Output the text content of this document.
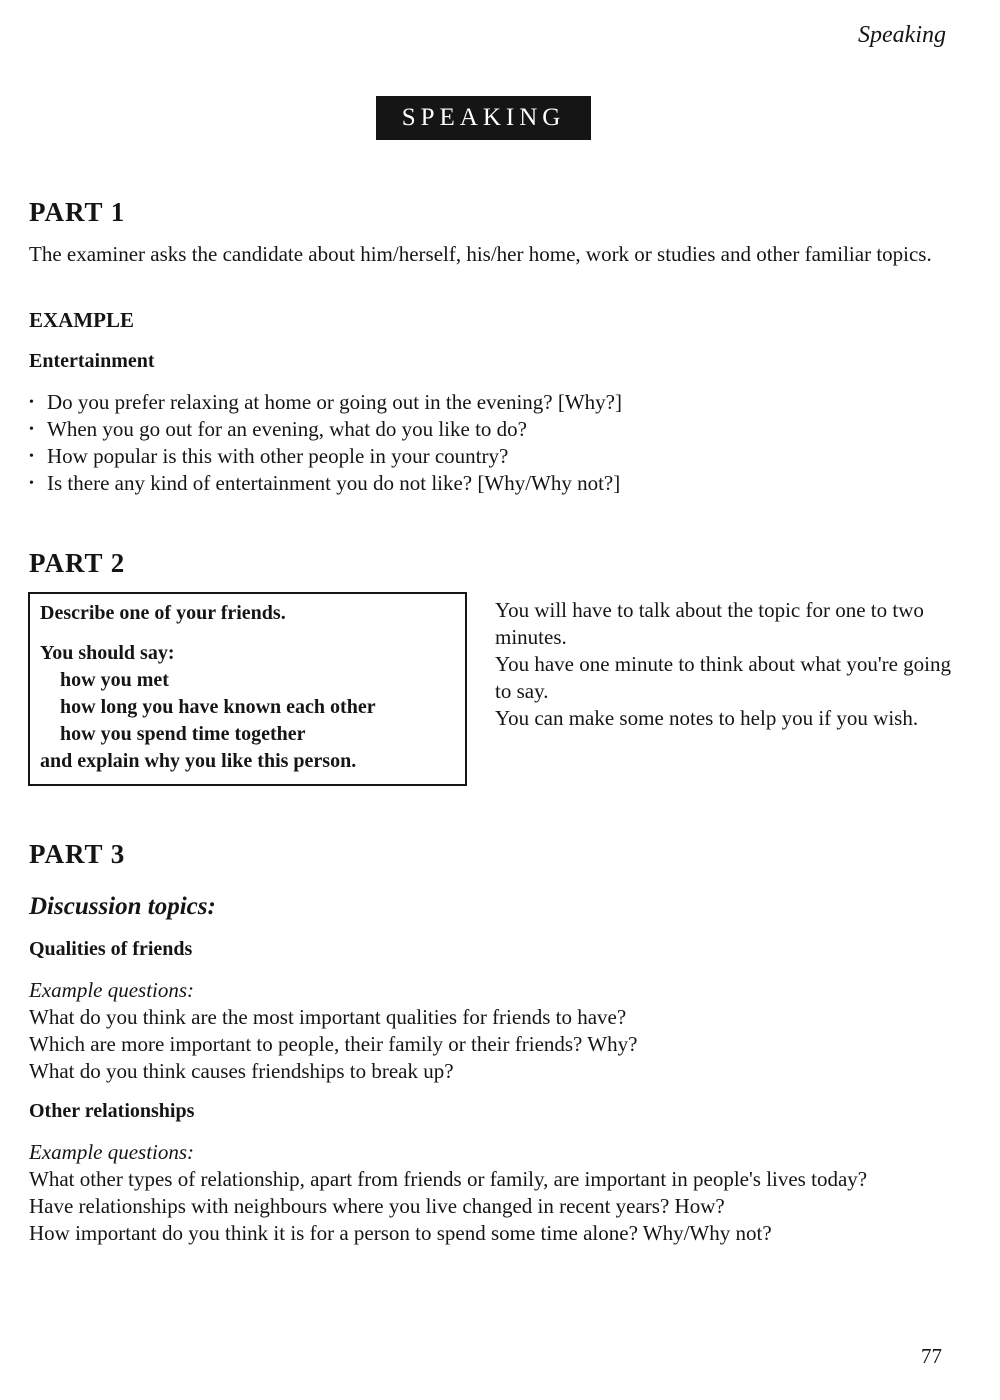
Speaking
SPEAKING
PART 1
The examiner asks the candidate about him/herself, his/her home, work or studies and other familiar topics.
EXAMPLE
Entertainment
• Do you prefer relaxing at home or going out in the evening? [Why?]
• When you go out for an evening, what do you like to do?
• How popular is this with other people in your country?
• Is there any kind of entertainment you do not like? [Why/Why not?]
PART 2
Describe one of your friends.
You should say:
how you met
how long you have known each other
how you spend time together
and explain why you like this person.

You will have to talk about the topic for one to two minutes.

You have one minute to think about what you're going to say.

You can make some notes to help you if you wish.

PART 3
Discussion topics:
Qualities of friends
Example questions:

What do you think are the most important qualities for friends to have?

Which are more important to people, their family or their friends? Why?

What do you think causes friendships to break up?

Other relationships
Example questions:

What other types of relationship, apart from friends or family, are important in people's lives today?

Have relationships with neighbours where you live changed in recent years? How?

How important do you think it is for a person to spend some time alone? Why/Why not?

77
